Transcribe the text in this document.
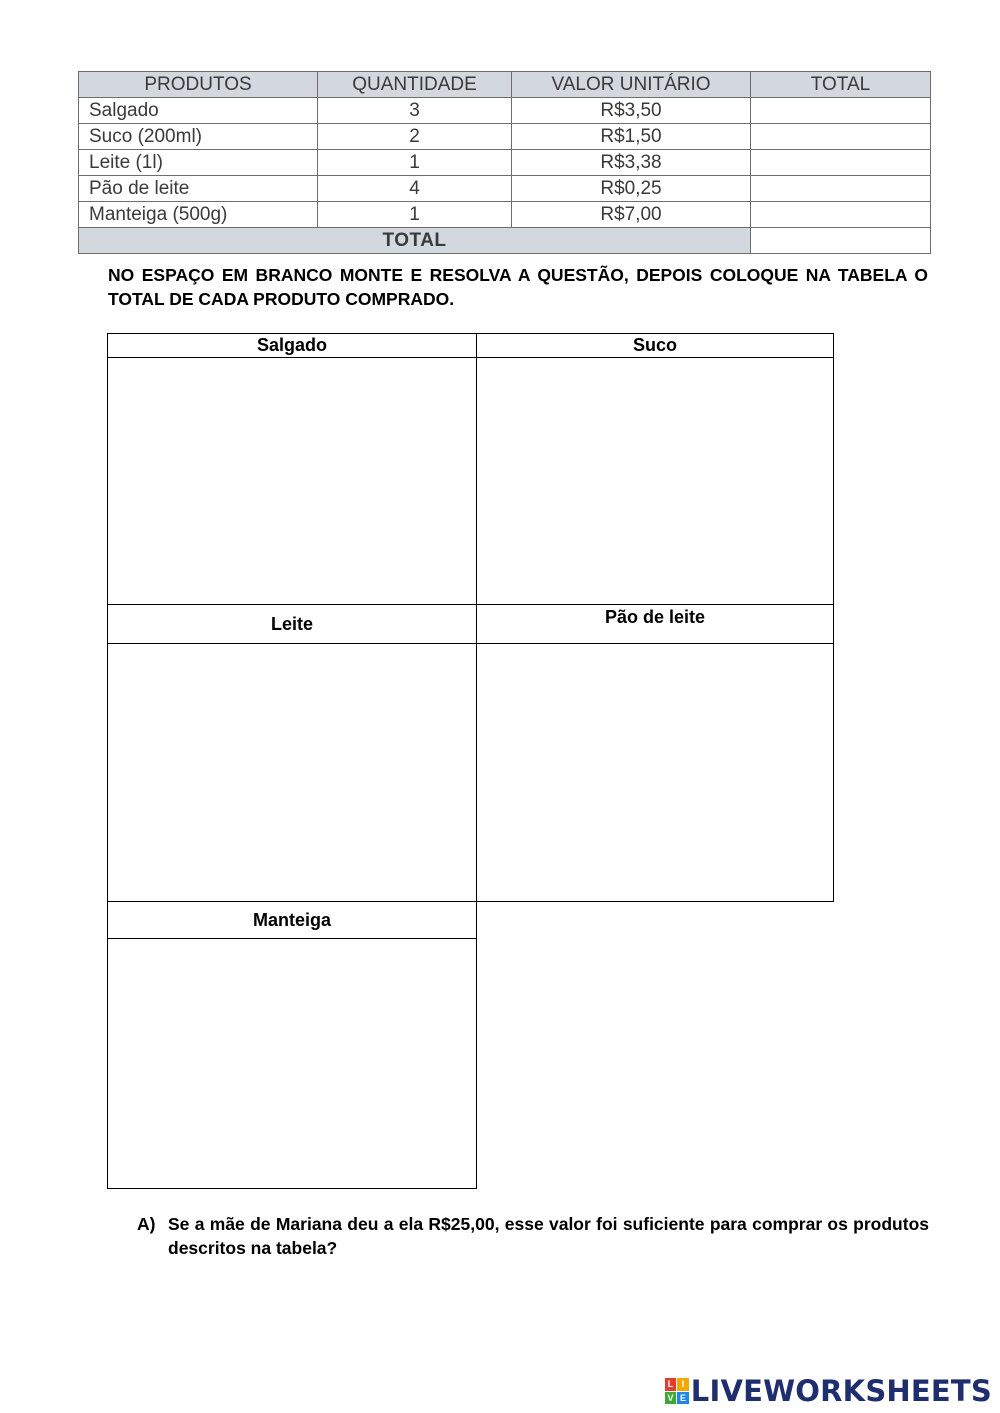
PRODUTOS	QUANTIDADE	VALOR UNITÁRIO	TOTAL
Salgado	3	R$3,50	
Suco (200ml)	2	R$1,50	
Leite (1l)	1	R$3,38	
Pão de leite	4	R$0,25	
Manteiga (500g)	1	R$7,00	
TOTAL			
NO ESPAÇO EM BRANCO MONTE E RESOLVA A QUESTÃO, DEPOIS COLOQUE NA TABELA O TOTAL DE CADA PRODUTO COMPRADO.
Salgado	Suco
Leite	Pão de leite
Manteiga
A) Se a mãe de Mariana deu a ela R$25,00, esse valor foi suficiente para comprar os produtos descritos na tabela?
L I
V E LIVEWORKSHEETS
